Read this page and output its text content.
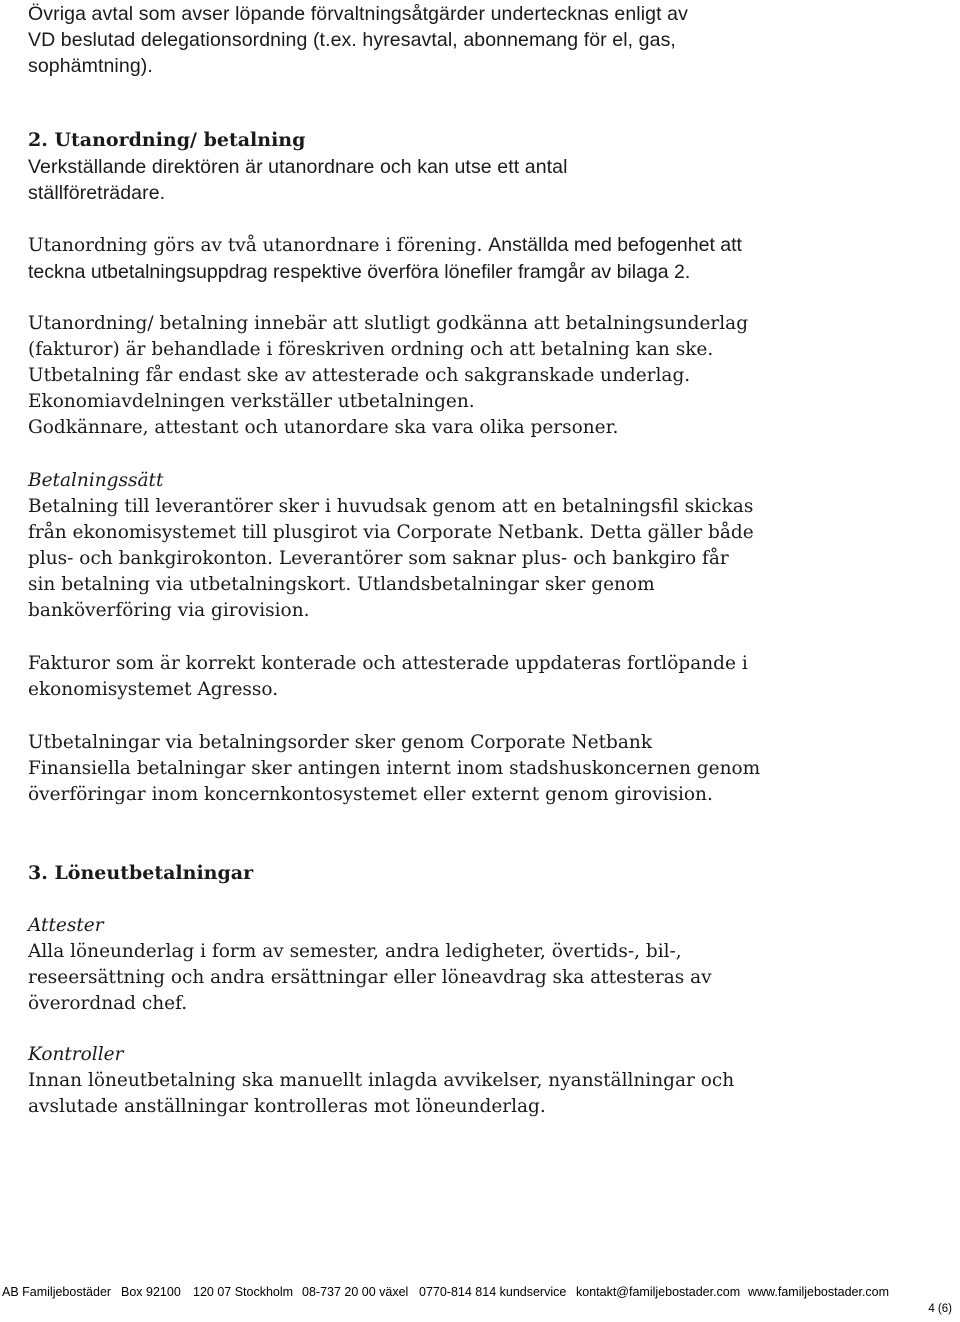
Övriga avtal som avser löpande förvaltningsåtgärder undertecknas enligt av
VD beslutad delegationsordning (t.ex. hyresavtal, abonnemang för el, gas,
sophämtning).

2. Utanordning/ betalning

Verkställande direktören är utanordnare och kan utse ett antal
ställföreträdare.

Utanordning görs av två utanordnare i förening. Anställda med befogenhet att
teckna utbetalningsuppdrag respektive överföra lönefiler framgår av bilaga 2.

Utanordning/ betalning innebär att slutligt godkänna att betalningsunderlag
(fakturor) är behandlade i föreskriven ordning och att betalning kan ske.
Utbetalning får endast ske av attesterade och sakgranskade underlag.
Ekonomiavdelningen verkställer utbetalningen.
Godkännare, attestant och utanordare ska vara olika personer.

Betalningssätt

Betalning till leverantörer sker i huvudsak genom att en betalningsfil skickas
från ekonomisystemet till plusgirot via Corporate Netbank. Detta gäller både
plus- och bankgirokonton. Leverantörer som saknar plus- och bankgiro får
sin betalning via utbetalningskort. Utlandsbetalningar sker genom
banköverföring via girovision.

Fakturor som är korrekt konterade och attesterade uppdateras fortlöpande i
ekonomisystemet Agresso.

Utbetalningar via betalningsorder sker genom Corporate Netbank
Finansiella betalningar sker antingen internt inom stadshuskoncernen genom
överföringar inom koncernkontosystemet eller externt genom girovision.

3. Löneutbetalningar

Attester

Alla löneunderlag i form av semester, andra ledigheter, övertids-, bil-,
reseersättning och andra ersättningar eller löneavdrag ska attesteras av
överordnad chef.

Kontroller

Innan löneutbetalning ska manuellt inlagda avvikelser, nyanställningar och
avslutade anställningar kontrolleras mot löneunderlag.

AB Familjebostäder Box 92100 120 07 Stockholm 08-737 20 00 växel 0770-814 814 kundservice kontakt@familjebostader.com www.familjebostader.com
4 (6)
